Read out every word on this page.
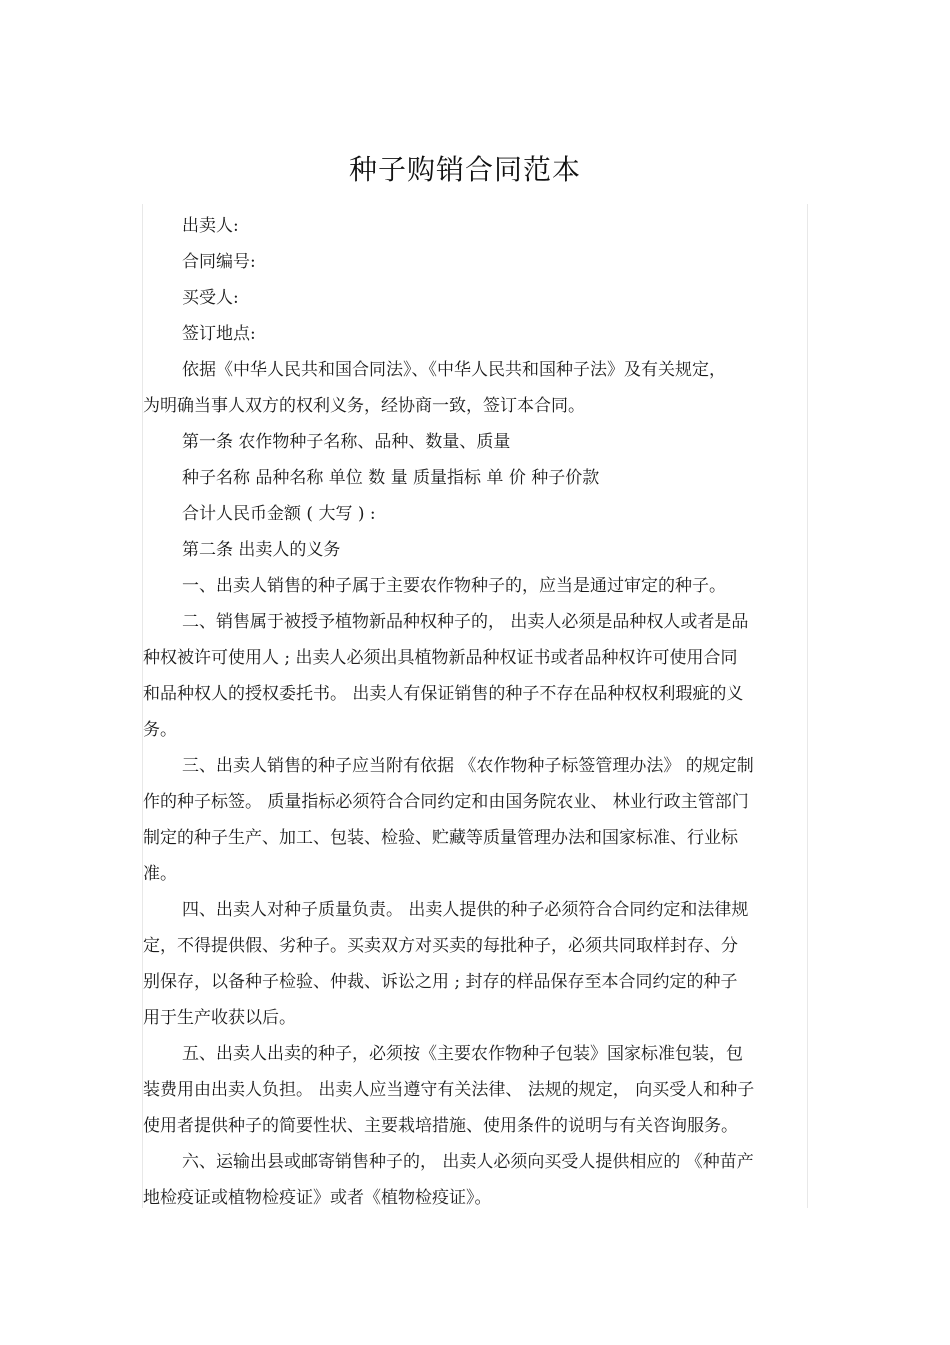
种子购销合同范本

出卖人:

合同编号:

买受人:

签订地点:

依据《中华人民共和国合同法》、《中华人民共和国种子法》及有关规定，

为明确当事人双方的权利义务，经协商一致，签订本合同。

第一条 农作物种子名称、品种、数量、质量

种子名称 品种名称 单位 数 量 质量指标 单 价 种子价款

合计人民币金额 ( 大写 ) :

第二条 出卖人的义务

一、出卖人销售的种子属于主要农作物种子的，应当是通过审定的种子。

二、销售属于被授予植物新品种权种子的， 出卖人必须是品种权人或者是品

种权被许可使用人 ; 出卖人必须出具植物新品种权证书或者品种权许可使用合同

和品种权人的授权委托书。 出卖人有保证销售的种子不存在品种权权利瑕疵的义

务。

三、出卖人销售的种子应当附有依据 《农作物种子标签管理办法》 的规定制

作的种子标签。 质量指标必须符合合同约定和由国务院农业、 林业行政主管部门

制定的种子生产、加工、包装、检验、贮藏等质量管理办法和国家标准、行业标

准。

四、出卖人对种子质量负责。 出卖人提供的种子必须符合合同约定和法律规

定，不得提供假、劣种子。买卖双方对买卖的每批种子，必须共同取样封存、分

别保存，以备种子检验、仲裁、诉讼之用 ; 封存的样品保存至本合同约定的种子

用于生产收获以后。

五、出卖人出卖的种子，必须按《主要农作物种子包装》国家标准包装，包

装费用由出卖人负担。 出卖人应当遵守有关法律、 法规的规定， 向买受人和种子

使用者提供种子的简要性状、主要栽培措施、使用条件的说明与有关咨询服务。

六、运输出县或邮寄销售种子的， 出卖人必须向买受人提供相应的 《种苗产

地检疫证或植物检疫证》或者《植物检疫证》。
